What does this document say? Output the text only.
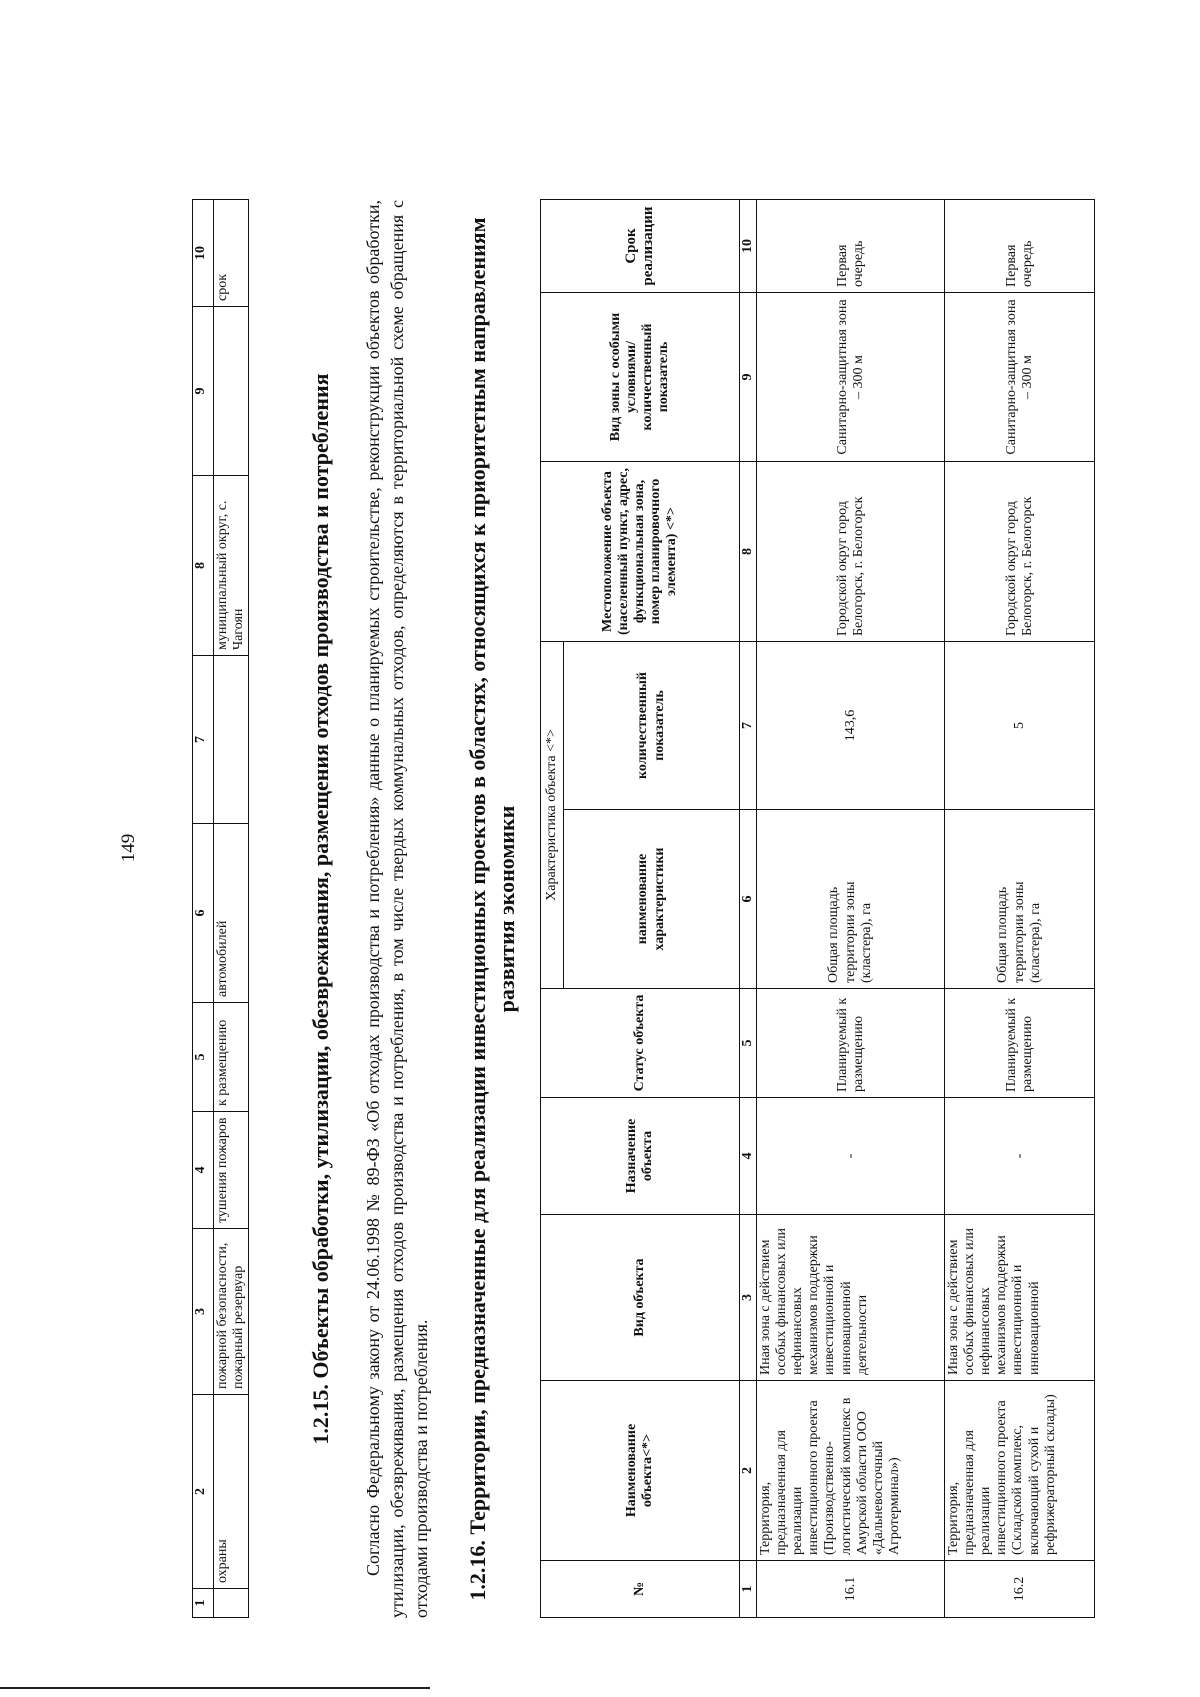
149
1	2	3	4	5	6	7	8	9	10
	охраны	пожарной безопасности, пожарный резервуар	тушения пожаров	к размещению	автомобилей		муниципальный округ, с. Чагоян		срок
1.2.15. Объекты обработки, утилизации, обезвреживания, размещения отходов производства и потребления Согласно Федеральному закону от 24.06.1998 № 89-ФЗ «Об отходах производства и потребления» данные о планируемых строительстве, реконструкции объектов обработки, утилизации, обезвреживания, размещения отходов производства и потребления, в том числе твердых коммунальных отходов, определяются в территориальной схеме обращения с отходами производства и потребления. 1.2.16. Территории, предназначенные для реализации инвестиционных проектов в областях, относящихся к приоритетным направлениям развития экономики
№	Наименование объекта<*>	Вид объекта	Назначение объекта	Статус объекта	Характеристика объекта <*>		Местоположение объекта (населенный пункт, адрес, функциональная зона, номер планировочного элемента) <*>	Вид зоны с особыми условиями/ количественный показатель	Срок реализации
					наименование характеристики	количественный показатель			
1	2	3	4	5	6	7	8	9	10
16.1	Территория, предназначенная для реализации инвестиционного проекта (Производственно-логистический комплекс в Амурской области ООО «Дальневосточный Агротерминал»)	Иная зона с действием особых финансовых или нефинансовых механизмов поддержки инвестиционной и инновационной деятельности	-	Планируемый к размещению	Общая площадь территории зоны (кластера), га	143,6	Городской округ город Белогорск, г. Белогорск	Санитарно-защитная зона – 300 м	Первая очередь
16.2	Территория, предназначенная для реализации инвестиционного проекта (Складской комплекс, включающий сухой и рефрижераторный склады)	Иная зона с действием особых финансовых или нефинансовых механизмов поддержки инвестиционной и инновационной	-	Планируемый к размещению	Общая площадь территории зоны (кластера), га	5	Городской округ город Белогорск, г. Белогорск	Санитарно-защитная зона – 300 м	Первая очередь
